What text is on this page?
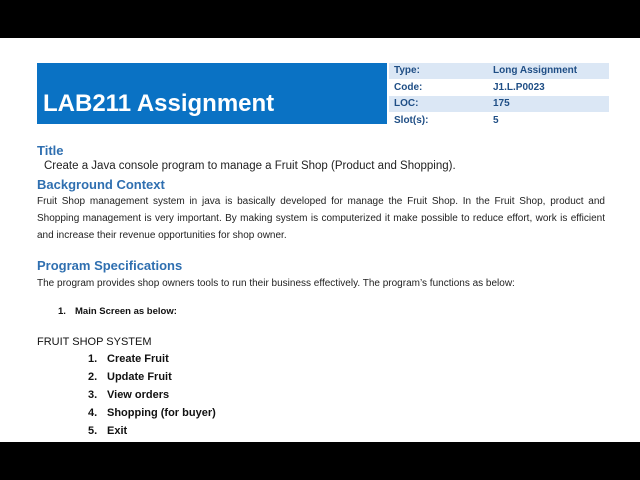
LAB211 Assignment
Type:	Long Assignment
Code:	J1.L.P0023
LOC:	175
Slot(s):	5
Title
Create a Java console program to manage a Fruit Shop (Product and Shopping).
Background Context
Fruit Shop management system in java is basically developed for manage the Fruit Shop. In the Fruit Shop, product and Shopping management is very important. By making system is computerized it make possible to reduce effort, work is efficient and increase their revenue opportunities for shop owner.
Program Specifications
The program provides shop owners tools to run their business effectively. The program’s functions as below:
1. Main Screen as below:
FRUIT SHOP SYSTEM
1. Create Fruit
2. Update Fruit
3. View orders
4. Shopping (for buyer)
5. Exit
